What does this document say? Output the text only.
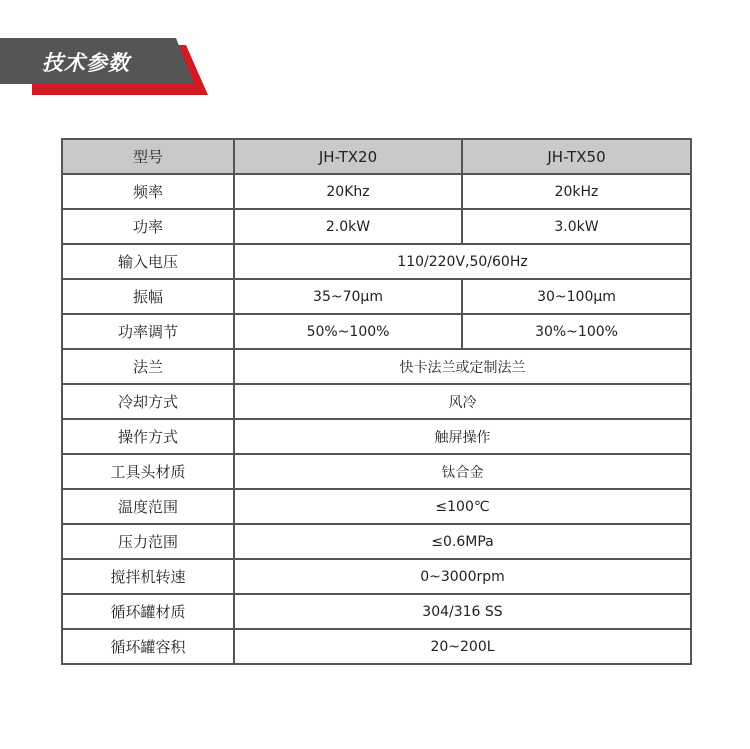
技术参数
型号	JH-TX20	JH-TX50
频率	20Khz	20kHz
功率	2.0kW	3.0kW
输入电压	110/220V,50/60Hz	
振幅	35~70μm	30~100μm
功率调节	50%~100%	30%~100%
法兰	快卡法兰或定制法兰	
冷却方式	风冷	
操作方式	触屏操作	
工具头材质	钛合金	
温度范围	≤100℃	
压力范围	≤0.6MPa	
搅拌机转速	0~3000rpm	
循环罐材质	304/316 SS	
循环罐容积	20~200L	
